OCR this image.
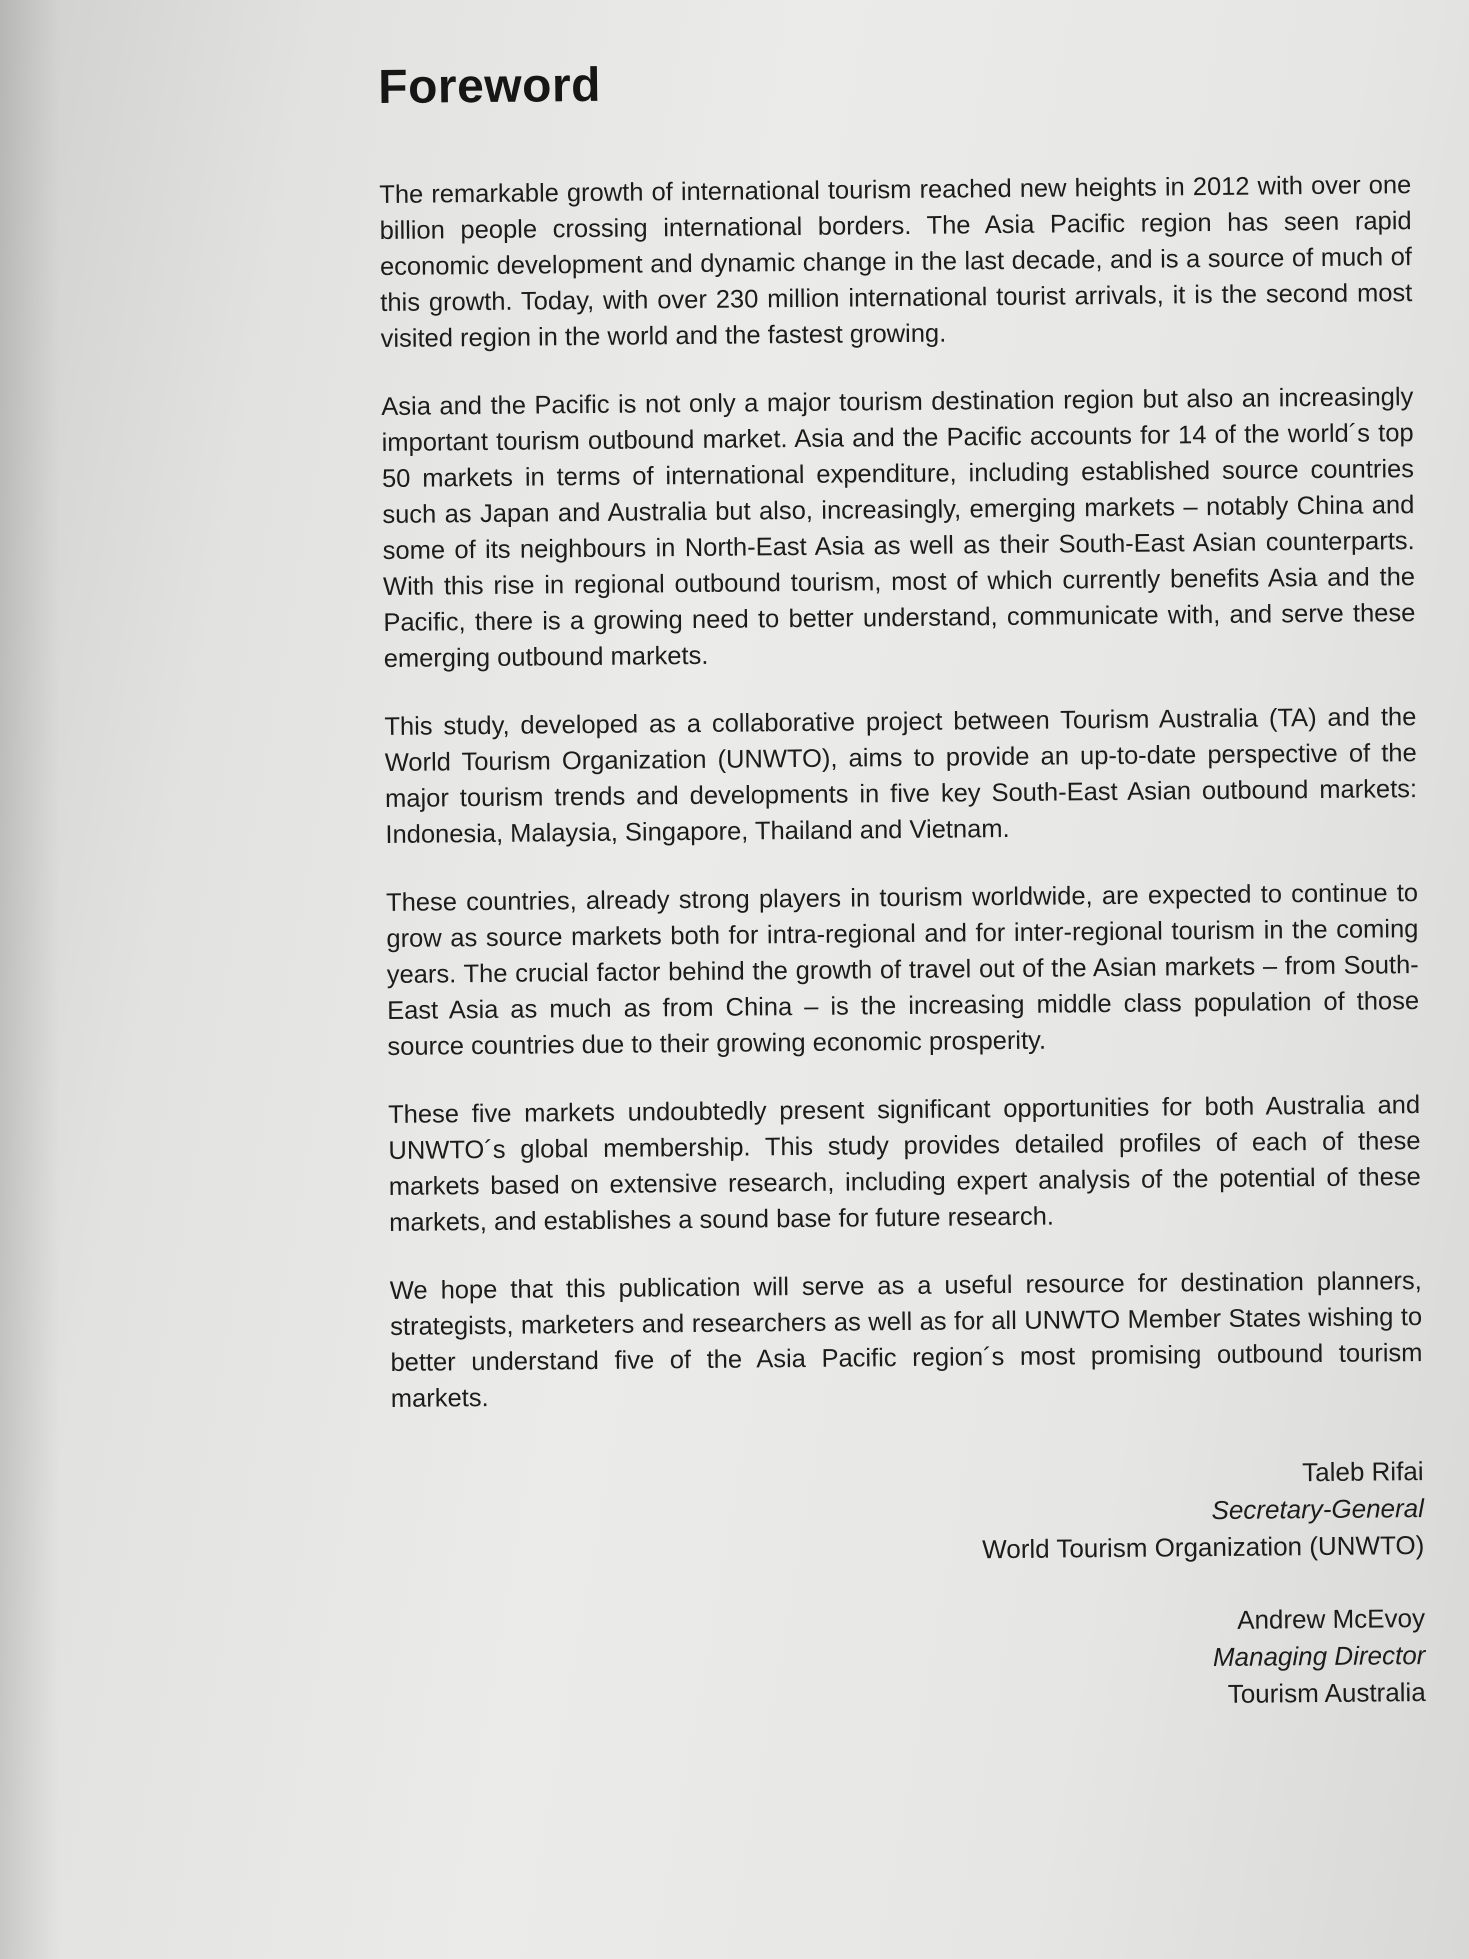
Foreword

The remarkable growth of international tourism reached new heights in 2012 with over one billion people crossing international borders. The Asia Pacific region has seen rapid economic development and dynamic change in the last decade, and is a source of much of this growth. Today, with over 230 million international tourist arrivals, it is the second most visited region in the world and the fastest growing.

Asia and the Pacific is not only a major tourism destination region but also an increasingly important tourism outbound market. Asia and the Pacific accounts for 14 of the world´s top 50 markets in terms of international expenditure, including established source countries such as Japan and Australia but also, increasingly, emerging markets – notably China and some of its neighbours in North-East Asia as well as their South-East Asian counterparts. With this rise in regional outbound tourism, most of which currently benefits Asia and the Pacific, there is a growing need to better understand, communicate with, and serve these emerging outbound markets.

This study, developed as a collaborative project between Tourism Australia (TA) and the World Tourism Organization (UNWTO), aims to provide an up-to-date perspective of the major tourism trends and developments in five key South-East Asian outbound markets: Indonesia, Malaysia, Singapore, Thailand and Vietnam.

These countries, already strong players in tourism worldwide, are expected to continue to grow as source markets both for intra-regional and for inter-regional tourism in the coming years. The crucial factor behind the growth of travel out of the Asian markets – from South-East Asia as much as from China – is the increasing middle class population of those source countries due to their growing economic prosperity.

These five markets undoubtedly present significant opportunities for both Australia and UNWTO´s global membership. This study provides detailed profiles of each of these markets based on extensive research, including expert analysis of the potential of these markets, and establishes a sound base for future research.

We hope that this publication will serve as a useful resource for destination planners, strategists, marketers and researchers as well as for all UNWTO Member States wishing to better understand five of the Asia Pacific region´s most promising outbound tourism markets.

Taleb Rifai
Secretary-General
World Tourism Organization (UNWTO)
Andrew McEvoy
Managing Director
Tourism Australia
